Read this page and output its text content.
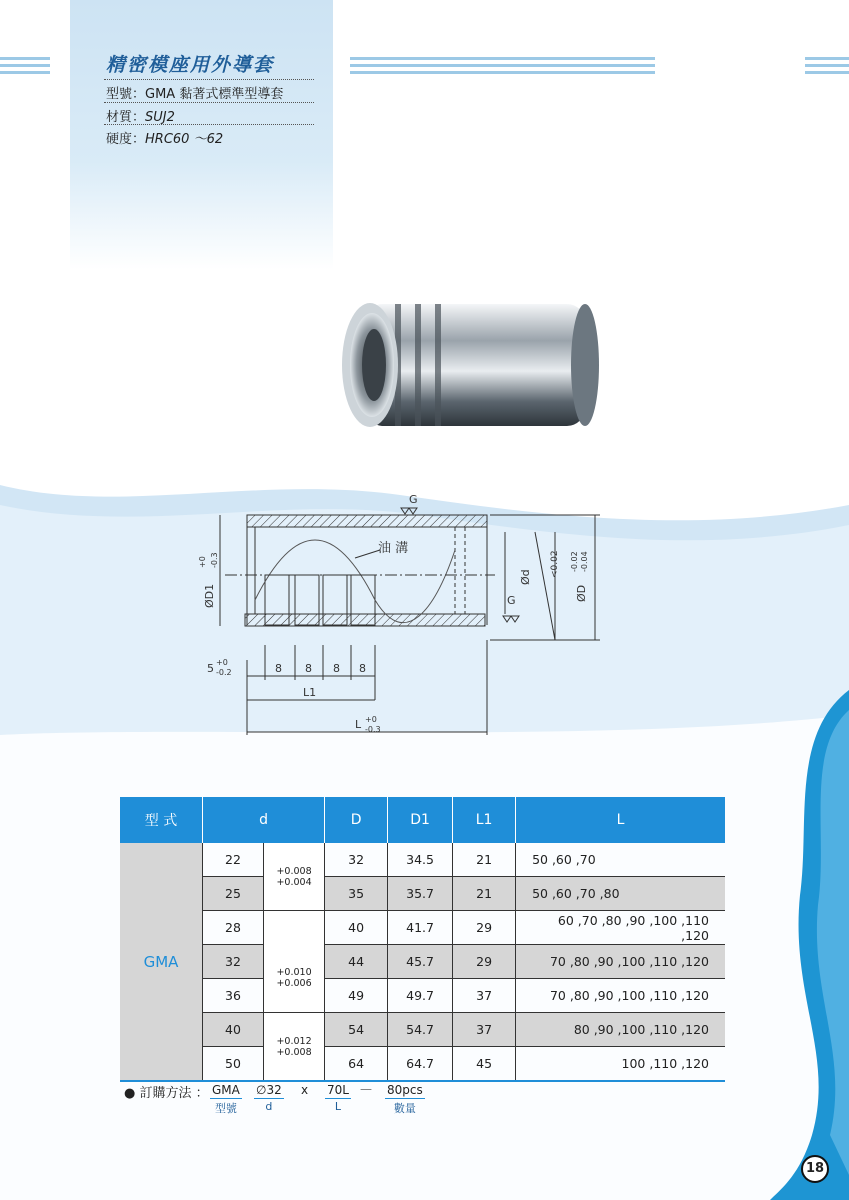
精密模座用外導套
型號：GMA 黏著式標準型導套
材質：SUJ2
硬度：HRC60 ～62
G
油 溝
G
ØD1
+0 -0.3
Ød <0.02
ØD
-0.02 -0.04
5 +0
-0.2	8 8 8 8
L1
L +0
-0.3
型 式	d		D	D1	L1	L
GMA	22	+0.008
+0.004	32	34.5	21	50 ,60 ,70
	25		35	35.7	21	50 ,60 ,70 ,80
	28		40	41.7	29	60 ,70 ,80 ,90 ,100 ,110 ,120
	32	+0.010
+0.006	44	45.7	29	70 ,80 ,90 ,100 ,110 ,120
	36		49	49.7	37	70 ,80 ,90 ,100 ,110 ,120
	40	+0.012
+0.008	54	54.7	37	80 ,90 ,100 ,110 ,120
	50		64	64.7	45	100 ,110 ,120
● 訂購方法 ： GMA
型號
∅32
d
x 70L
L
— 80pcs
數量
18
